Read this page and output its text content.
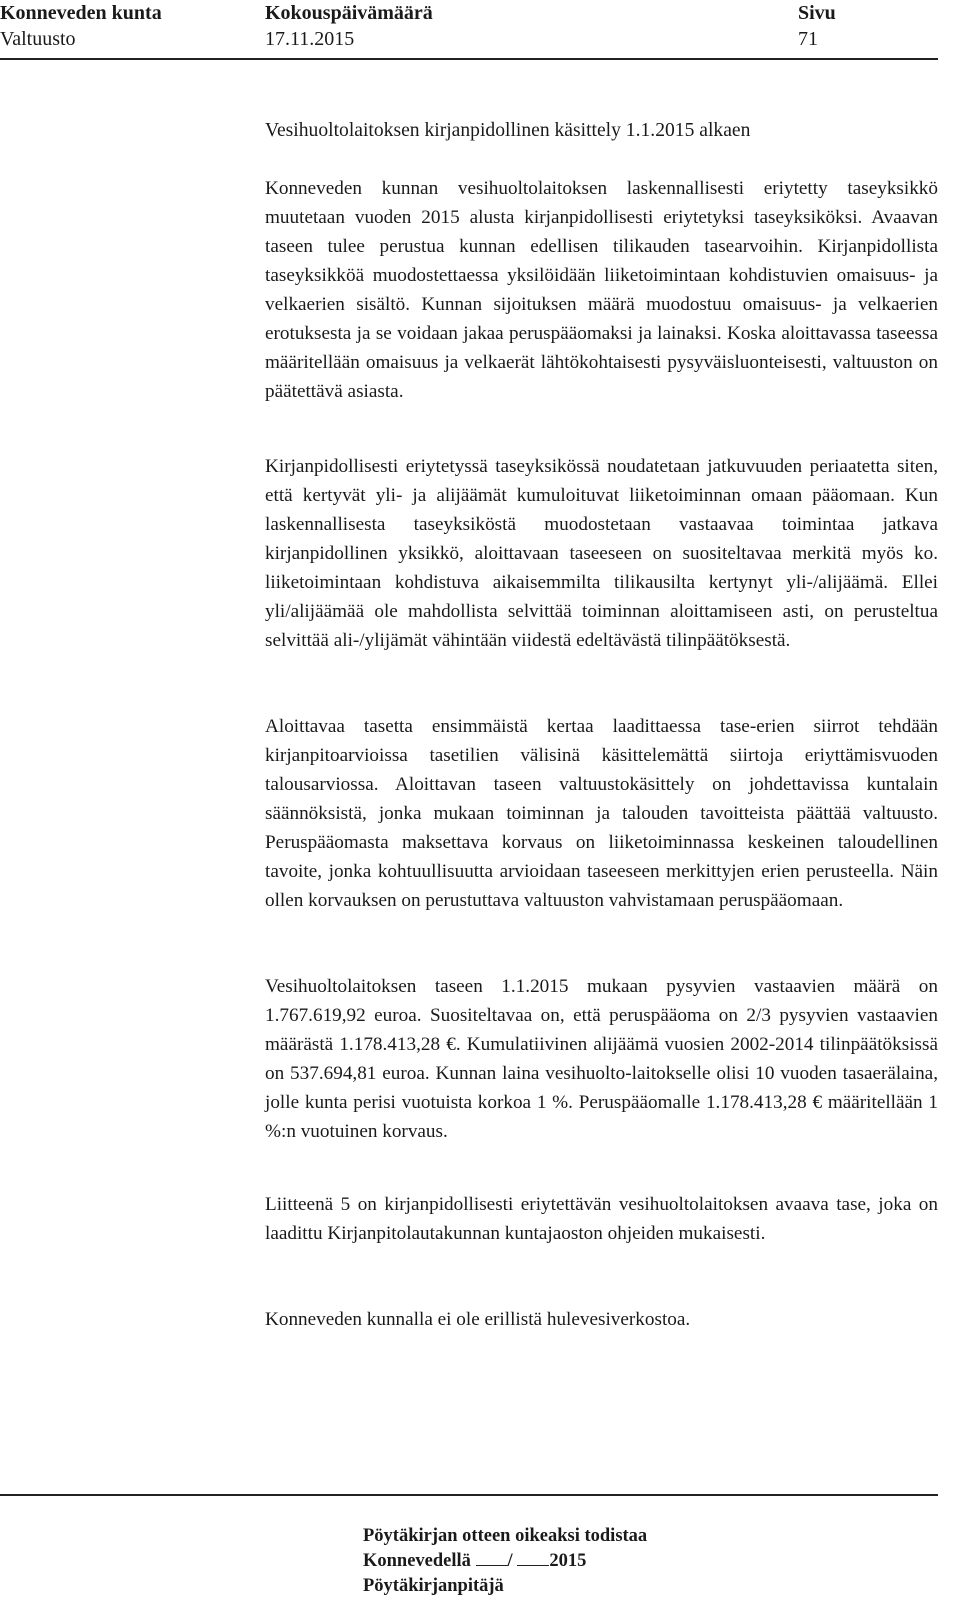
Konneveden kunta	Kokouspäivämäärä	Sivu
Valtuusto	17.11.2015	71
Vesihuoltolaitoksen kirjanpidollinen käsittely 1.1.2015 alkaen

Konneveden kunnan vesihuoltolaitoksen laskennallisesti eriytetty taseyksikkö muutetaan vuoden 2015 alusta kirjanpidollisesti eriytetyksi taseyksiköksi. Avaavan taseen tulee perustua kunnan edellisen tilikauden tasearvoihin. Kirjanpidollista taseyksikköä muodostettaessa yksilöidään liiketoimintaan kohdistuvien omaisuus- ja velkaerien sisältö. Kunnan sijoituksen määrä muodostuu omaisuus- ja velkaerien erotuksesta ja se voidaan jakaa peruspääomaksi ja lainaksi. Koska aloittavassa taseessa määritellään omaisuus ja velkaerät lähtökohtaisesti pysyväisluonteisesti, valtuuston on päätettävä asiasta.

Kirjanpidollisesti eriytetyssä taseyksikössä noudatetaan jatkuvuuden periaatetta siten, että kertyvät yli- ja alijäämät kumuloituvat liiketoiminnan omaan pääomaan. Kun laskennallisesta taseyksiköstä muodostetaan vastaavaa toimintaa jatkava kirjanpidollinen yksikkö, aloittavaan taseeseen on suositeltavaa merkitä myös ko. liiketoimintaan kohdistuva aikaisemmilta tilikausilta kertynyt yli-/alijäämä. Ellei yli/alijäämää ole mahdollista selvittää toiminnan aloittamiseen asti, on perusteltua selvittää ali-/ylijämät vähintään viidestä edeltävästä tilinpäätöksestä.

Aloittavaa tasetta ensimmäistä kertaa laadittaessa tase-erien siirrot tehdään kirjanpitoarvioissa tasetilien välisinä käsittelemättä siirtoja eriyttämisvuoden talousarviossa. Aloittavan taseen valtuustokäsittely on johdettavissa kuntalain säännöksistä, jonka mukaan toiminnan ja talouden tavoitteista päättää valtuusto. Peruspääomasta maksettava korvaus on liiketoiminnassa keskeinen taloudellinen tavoite, jonka kohtuullisuutta arvioidaan taseeseen merkittyjen erien perusteella. Näin ollen korvauksen on perustuttava valtuuston vahvistamaan peruspääomaan.

Vesihuoltolaitoksen taseen 1.1.2015 mukaan pysyvien vastaavien määrä on 1.767.619,92 euroa. Suositeltavaa on, että peruspääoma on 2/3 pysyvien vastaavien määrästä 1.178.413,28 €. Kumulatiivinen alijäämä vuosien 2002-2014 tilinpäätöksissä on 537.694,81 euroa. Kunnan laina vesihuolto-laitokselle olisi 10 vuoden tasaerälaina, jolle kunta perisi vuotuista korkoa 1 %. Peruspääomalle 1.178.413,28 € määritellään 1 %:n vuotuinen korvaus.

Liitteenä 5 on kirjanpidollisesti eriytettävän vesihuoltolaitoksen avaava tase, joka on laadittu Kirjanpitolautakunnan kuntajaoston ohjeiden mukaisesti.

Konneveden kunnalla ei ole erillistä hulevesiverkostoa.

Pöytäkirjan otteen oikeaksi todistaa
Konnevedellä / 2015
Pöytäkirjanpitäjä
